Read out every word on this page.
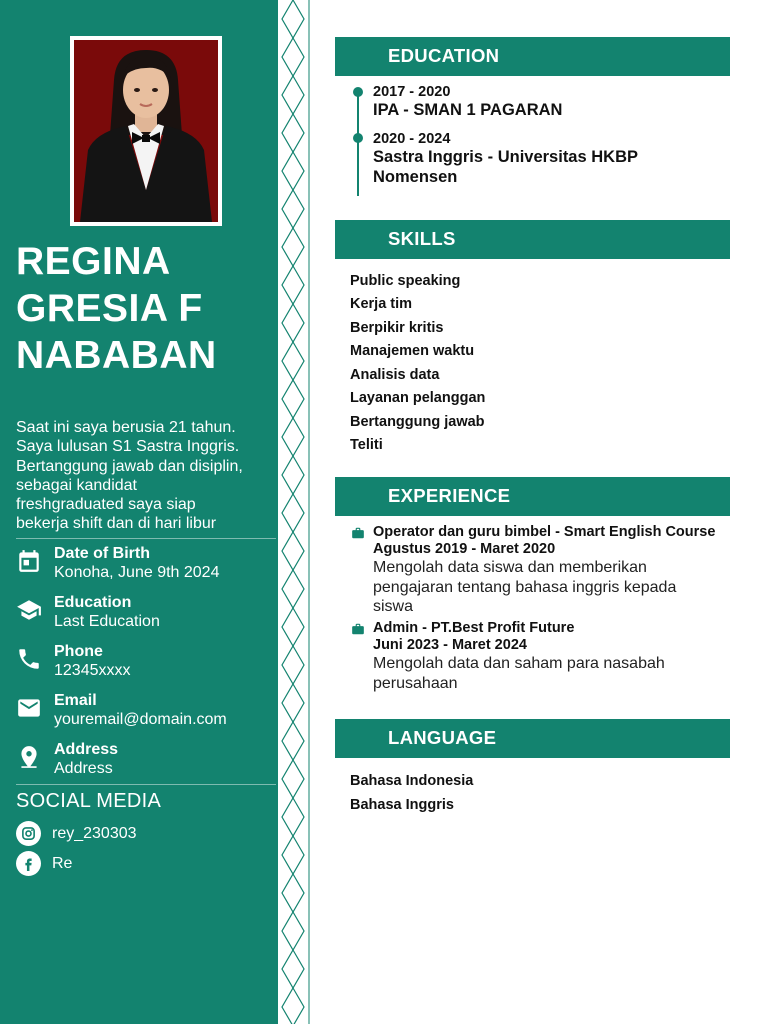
REGINA
GRESIA F
NABABAN
Saat ini saya berusia 21 tahun.
Saya lulusan S1 Sastra Inggris.
Bertanggung jawab dan disiplin,
sebagai kandidat
freshgraduated saya siap
bekerja shift dan di hari libur
Date of Birth
Konoha, June 9th 2024
Education
Last Education
Phone
12345xxxx
Email
youremail@domain.com
Address
Address
SOCIAL MEDIA
rey_230303
Re
EDUCATION
2017 - 2020
IPA - SMAN 1 PAGARAN
2020 - 2024
Sastra Inggris - Universitas HKBP
Nomensen
SKILLS
Public speaking
Kerja tim
Berpikir kritis
Manajemen waktu
Analisis data
Layanan pelanggan
Bertanggung jawab
Teliti
EXPERIENCE
Operator dan guru bimbel - Smart English Course
Agustus 2019 - Maret 2020
Mengolah data siswa dan memberikan
pengajaran tentang bahasa inggris kepada
siswa
Admin - PT.Best Profit Future
Juni 2023 - Maret 2024
Mengolah data dan saham para nasabah
perusahaan
LANGUAGE
Bahasa Indonesia
Bahasa Inggris
